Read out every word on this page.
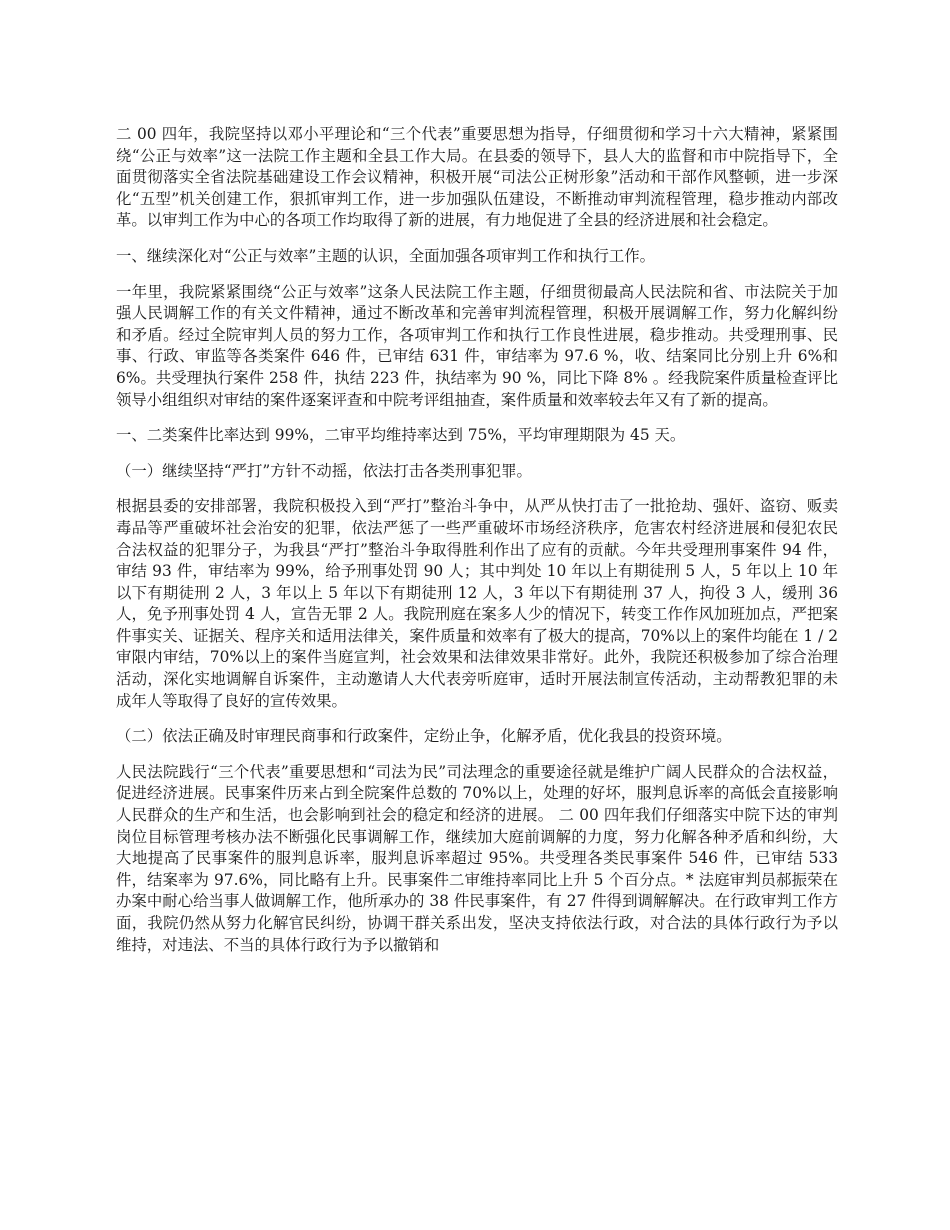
二 00 四年，我院坚持以邓小平理论和“三个代表”重要思想为指导，仔细贯彻和学习十六大精神，紧紧围绕“公正与效率”这一法院工作主题和全县工作大局。在县委的领导下，县人大的监督和市中院指导下，全面贯彻落实全省法院基础建设工作会议精神，积极开展“司法公正树形象”活动和干部作风整顿，进一步深化“五型”机关创建工作，狠抓审判工作，进一步加强队伍建设，不断推动审判流程管理，稳步推动内部改革。以审判工作为中心的各项工作均取得了新的进展，有力地促进了全县的经济进展和社会稳定。

一、继续深化对“公正与效率”主题的认识，全面加强各项审判工作和执行工作。

一年里，我院紧紧围绕“公正与效率”这条人民法院工作主题，仔细贯彻最高人民法院和省、市法院关于加强人民调解工作的有关文件精神，通过不断改革和完善审判流程管理，积极开展调解工作，努力化解纠纷和矛盾。经过全院审判人员的努力工作，各项审判工作和执行工作良性进展，稳步推动。共受理刑事、民事、行政、审监等各类案件 646 件，已审结 631 件，审结率为 97.6 %，收、结案同比分别上升 6%和 6%。共受理执行案件 258 件，执结 223 件，执结率为 90 %，同比下降 8% 。经我院案件质量检查评比领导小组组织对审结的案件逐案评查和中院考评组抽查，案件质量和效率较去年又有了新的提高。

一、二类案件比率达到 99%，二审平均维持率达到 75%，平均审理期限为 45 天。

（一）继续坚持“严打”方针不动摇，依法打击各类刑事犯罪。

根据县委的安排部署，我院积极投入到“严打”整治斗争中，从严从快打击了一批抢劫、强奸、盗窃、贩卖毒品等严重破坏社会治安的犯罪，依法严惩了一些严重破坏市场经济秩序，危害农村经济进展和侵犯农民合法权益的犯罪分子，为我县“严打”整治斗争取得胜利作出了应有的贡献。今年共受理刑事案件 94 件，审结 93 件，审结率为 99%，给予刑事处罚 90 人；其中判处 10 年以上有期徒刑 5 人，5 年以上 10 年以下有期徒刑 2 人，3 年以上 5 年以下有期徒刑 12 人，3 年以下有期徒刑 37 人，拘役 3 人，缓刑 36 人，免予刑事处罚 4 人，宣告无罪 2 人。我院刑庭在案多人少的情况下，转变工作作风加班加点，严把案件事实关、证据关、程序关和适用法律关，案件质量和效率有了极大的提高，70%以上的案件均能在 1 / 2 审限内审结，70%以上的案件当庭宣判，社会效果和法律效果非常好。此外，我院还积极参加了综合治理活动，深化实地调解自诉案件，主动邀请人大代表旁听庭审，适时开展法制宣传活动，主动帮教犯罪的未成年人等取得了良好的宣传效果。

（二）依法正确及时审理民商事和行政案件，定纷止争，化解矛盾，优化我县的投资环境。

人民法院践行“三个代表”重要思想和“司法为民”司法理念的重要途径就是维护广阔人民群众的合法权益，促进经济进展。民事案件历来占到全院案件总数的 70%以上，处理的好坏，服判息诉率的高低会直接影响人民群众的生产和生活，也会影响到社会的稳定和经济的进展。 二 00 四年我们仔细落实中院下达的审判岗位目标管理考核办法不断强化民事调解工作，继续加大庭前调解的力度，努力化解各种矛盾和纠纷，大大地提高了民事案件的服判息诉率，服判息诉率超过 95%。共受理各类民事案件 546 件，已审结 533 件，结案率为 97.6%，同比略有上升。民事案件二审维持率同比上升 5 个百分点。* 法庭审判员郝振荣在办案中耐心给当事人做调解工作，他所承办的 38 件民事案件，有 27 件得到调解解决。在行政审判工作方面，我院仍然从努力化解官民纠纷，协调干群关系出发，坚决支持依法行政，对合法的具体行政行为予以维持，对违法、不当的具体行政行为予以撤销和
